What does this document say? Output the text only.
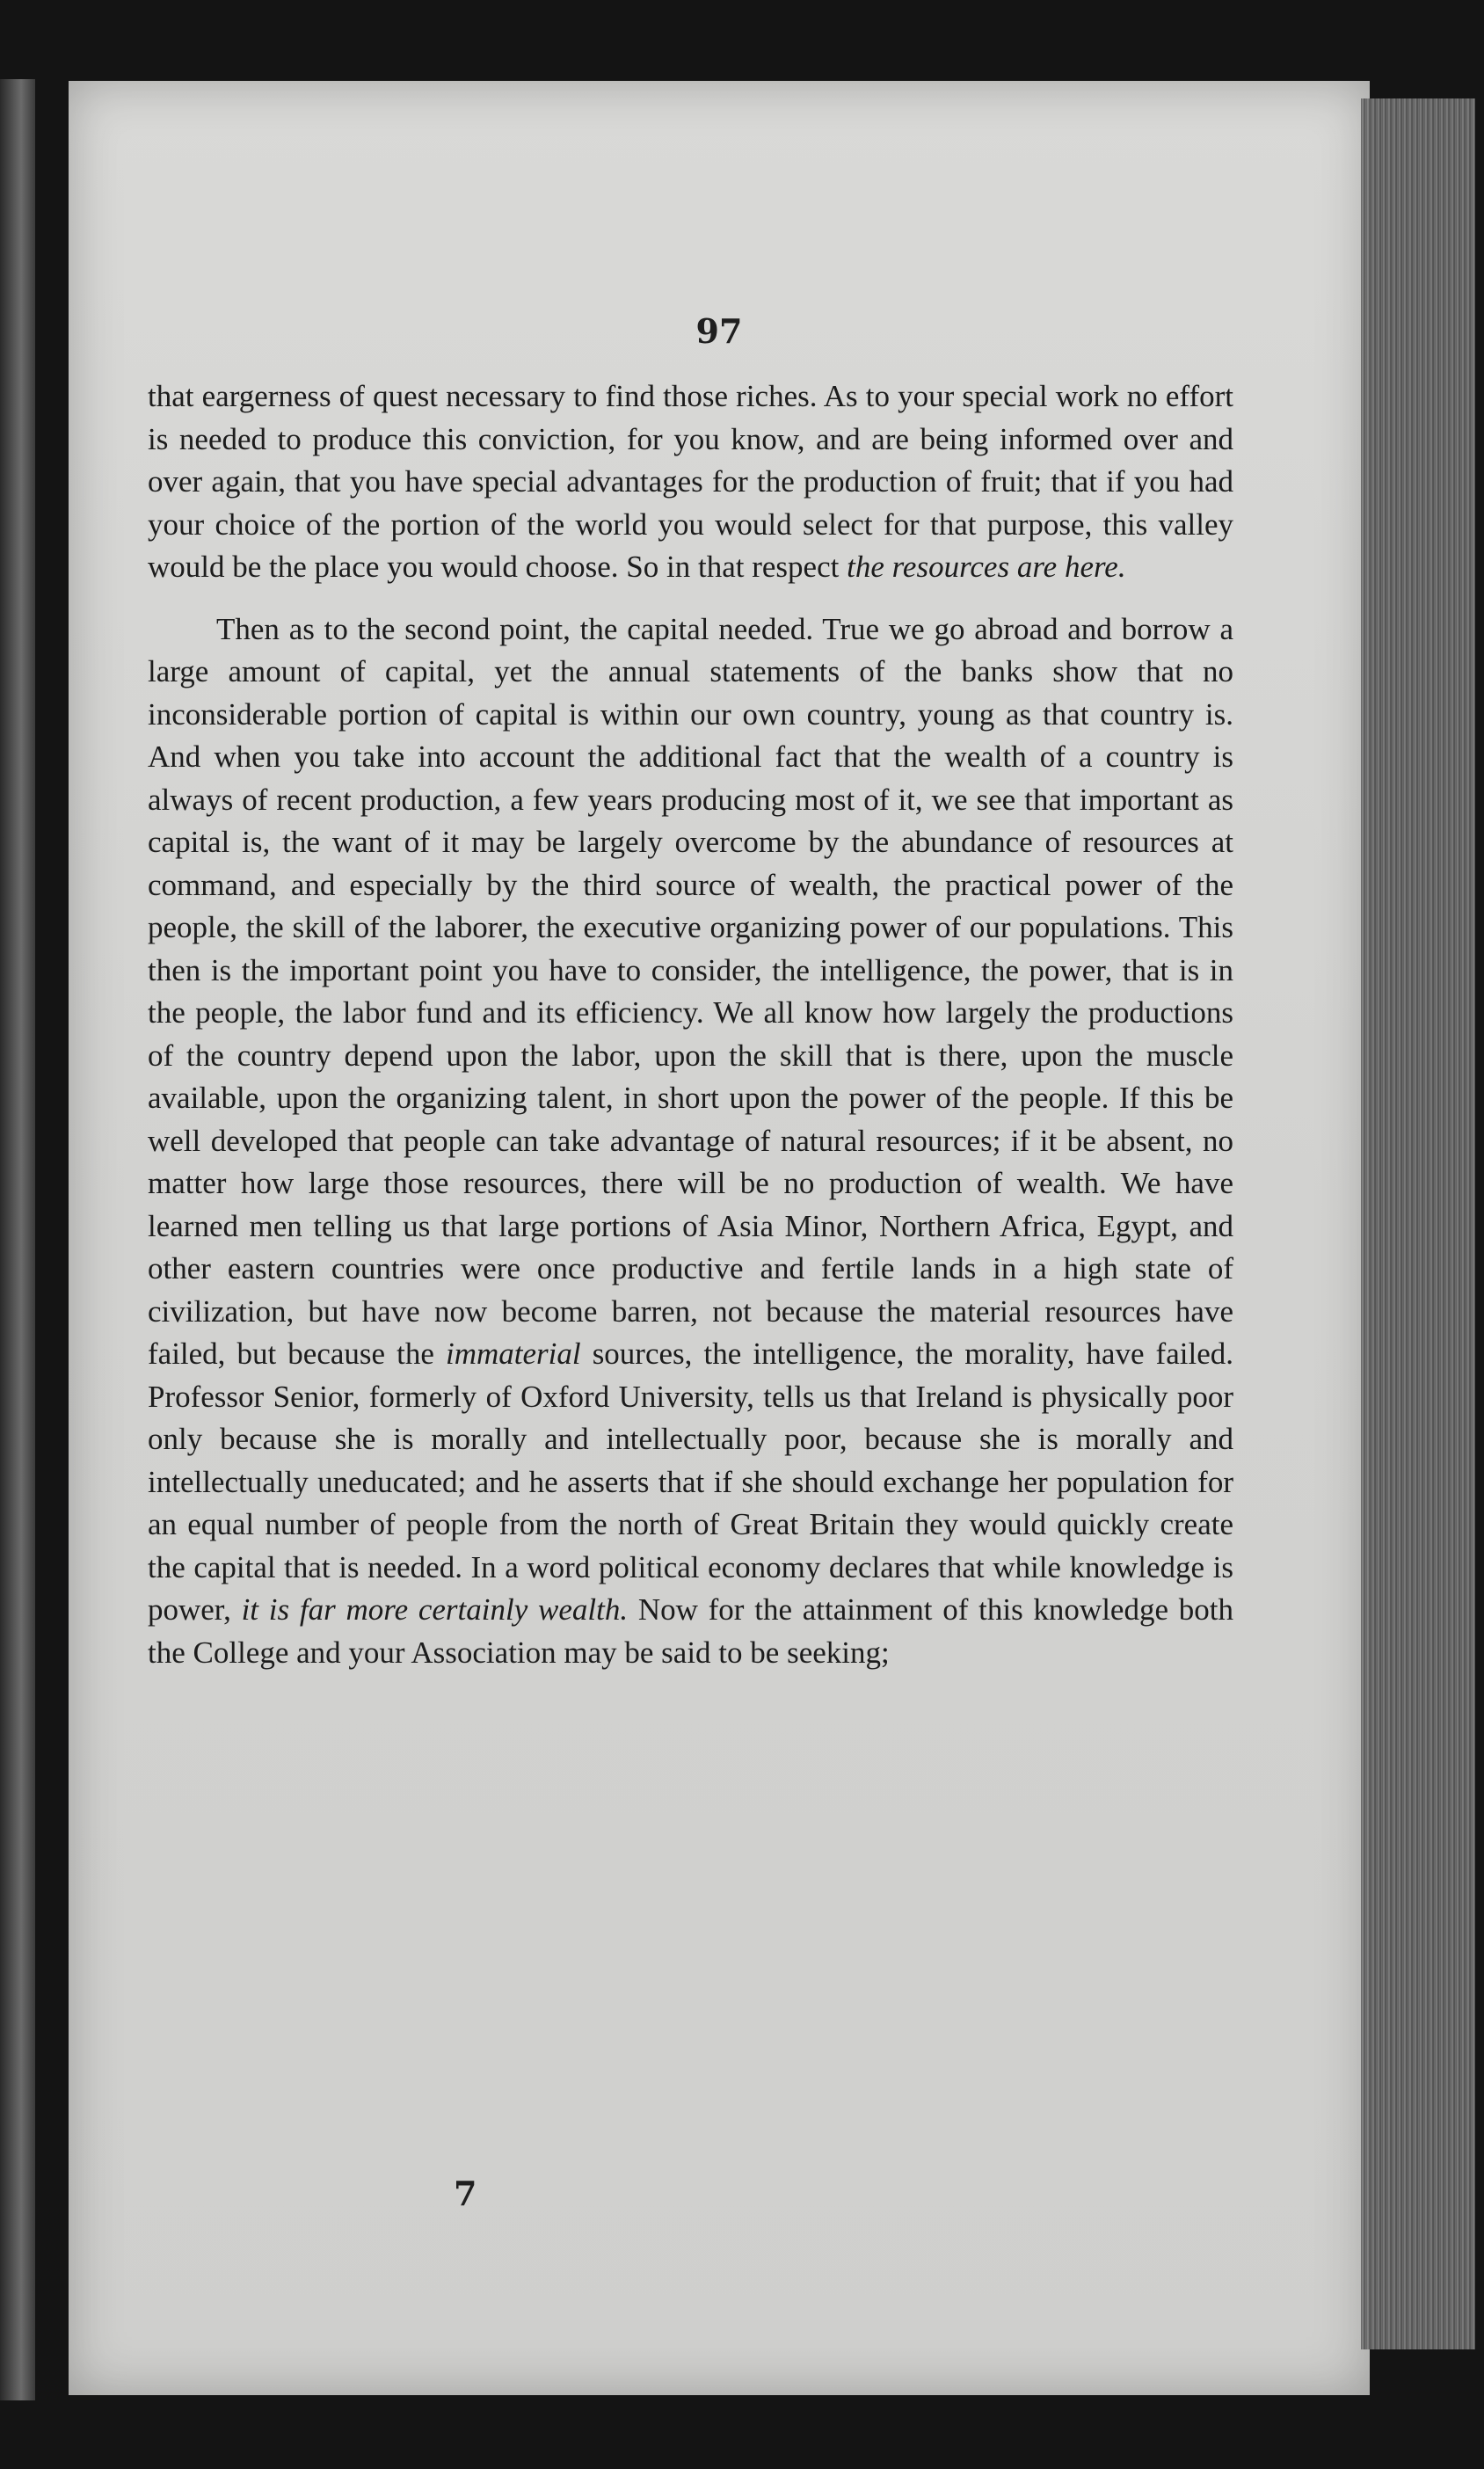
97

that eargerness of quest necessary to find those riches. As to your special work no effort is needed to produce this conviction, for you know, and are being informed over and over again, that you have special advantages for the production of fruit; that if you had your choice of the portion of the world you would select for that purpose, this valley would be the place you would choose. So in that respect the resources are here.

Then as to the second point, the capital needed. True we go abroad and borrow a large amount of capital, yet the annual statements of the banks show that no inconsiderable portion of capital is within our own country, young as that country is. And when you take into account the additional fact that the wealth of a country is always of recent production, a few years producing most of it, we see that important as capital is, the want of it may be largely overcome by the abundance of resources at command, and especially by the third source of wealth, the practical power of the people, the skill of the laborer, the executive organizing power of our populations. This then is the important point you have to consider, the intelligence, the power, that is in the people, the labor fund and its efficiency. We all know how largely the productions of the country depend upon the labor, upon the skill that is there, upon the muscle available, upon the organizing talent, in short upon the power of the people. If this be well developed that people can take advantage of natural resources; if it be absent, no matter how large those resources, there will be no production of wealth. We have learned men telling us that large portions of Asia Minor, Northern Africa, Egypt, and other eastern countries were once productive and fertile lands in a high state of civilization, but have now become barren, not because the material resources have failed, but because the immaterial sources, the intelligence, the morality, have failed. Professor Senior, formerly of Oxford University, tells us that Ireland is physically poor only because she is morally and intellectually poor, because she is morally and intellectually uneducated; and he asserts that if she should exchange her population for an equal number of people from the north of Great Britain they would quickly create the capital that is needed. In a word political economy declares that while knowledge is power, it is far more certainly wealth. Now for the attainment of this knowledge both the College and your Association may be said to be seeking;

7
